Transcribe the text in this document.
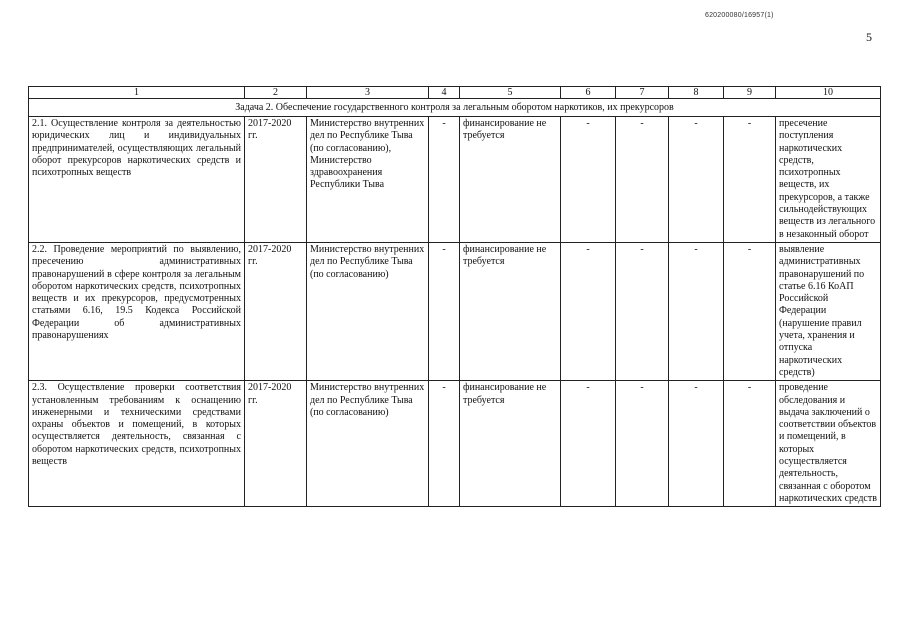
620200080/16957(1)
5
1	2	3	4	5	6	7	8	9	10
Задача 2. Обеспечение государственного контроля за легальным оборотом наркотиков, их прекурсоров									
2.1. Осуществление контроля за деятельностью юридических лиц и индивидуальных предпринимателей, осуществляющих легальный оборот прекурсоров наркотических средств и психотропных веществ	2017-2020 гг.	Министерство внутренних дел по Республике Тыва (по согласованию), Министерство здравоохранения Республики Тыва	-	финансирование не требуется	-	-	-	-	пресечение поступления наркотических средств, психотропных веществ, их прекурсоров, а также сильнодействующих веществ из легального в незаконный оборот
2.2. Проведение мероприятий по выявлению, пресечению административных правонарушений в сфере контроля за легальным оборотом наркотических средств, психотропных веществ и их прекурсоров, предусмотренных статьями 6.16, 19.5 Кодекса Российской Федерации об административных правонарушениях	2017-2020 гг.	Министерство внутренних дел по Республике Тыва (по согласованию)	-	финансирование не требуется	-	-	-	-	выявление административных правонарушений по статье 6.16 КоАП Российской Федерации (нарушение правил учета, хранения и отпуска наркотических средств)
2.3. Осуществление проверки соответствия установленным требованиям к оснащению инженерными и техническими средствами охраны объектов и помещений, в которых осуществляется деятельность, связанная с оборотом наркотических средств, психотропных веществ	2017-2020 гг.	Министерство внутренних дел по Республике Тыва (по согласованию)	-	финансирование не требуется	-	-	-	-	проведение обследования и выдача заключений о соответствии объектов и помещений, в которых осуществляется деятельность, связанная с оборотом наркотических средств
